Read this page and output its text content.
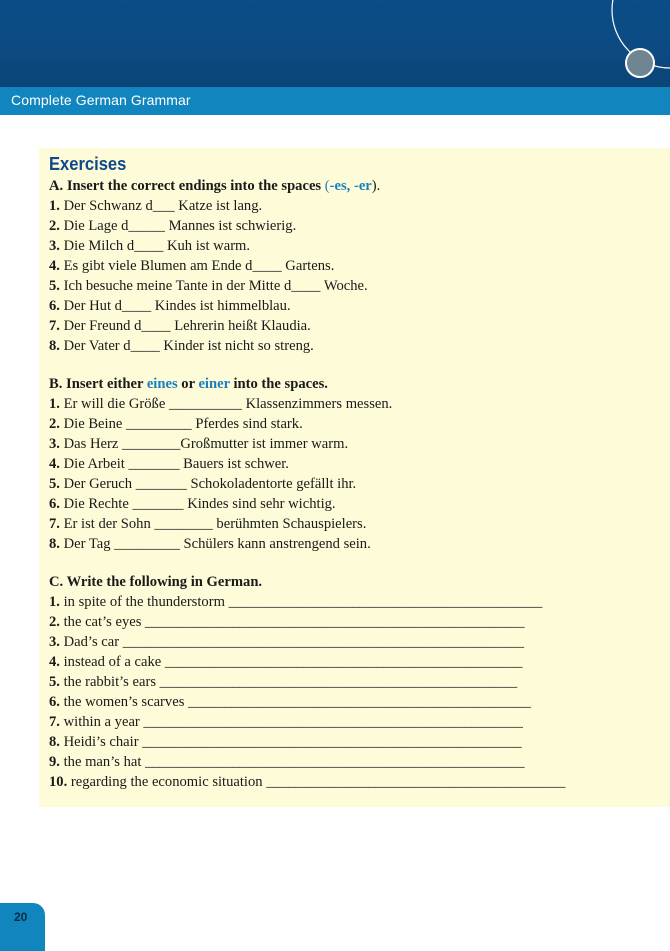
Complete German Grammar
Exercises
A. Insert the correct endings into the spaces (-es, -er).
1. Der Schwanz d___ Katze ist lang.
2. Die Lage d_____ Mannes ist schwierig.
3. Die Milch d____ Kuh ist warm.
4. Es gibt viele Blumen am Ende d____ Gartens.
5. Ich besuche meine Tante in der Mitte d____ Woche.
6. Der Hut d____ Kindes ist himmelblau.
7. Der Freund d____ Lehrerin heißt Klaudia.
8. Der Vater d____ Kinder ist nicht so streng.
B. Insert either eines or einer into the spaces.
1. Er will die Größe __________ Klassenzimmers messen.
2. Die Beine _________ Pferdes sind stark.
3. Das Herz ________Großmutter ist immer warm.
4. Die Arbeit _______ Bauers ist schwer.
5. Der Geruch _______ Schokoladentorte gefällt ihr.
6. Die Rechte _______ Kindes sind sehr wichtig.
7. Er ist der Sohn ________ berühmten Schauspielers.
8. Der Tag _________ Schülers kann anstrengend sein.
C. Write the following in German.
1. in spite of the thunderstorm ___________________________________________
2. the cat’s eyes ____________________________________________________
3. Dad’s car _______________________________________________________
4. instead of a cake _________________________________________________
5. the rabbit’s ears _________________________________________________
6. the women’s scarves _______________________________________________
7. within a year ____________________________________________________
8. Heidi’s chair ____________________________________________________
9. the man’s hat ____________________________________________________
10. regarding the economic situation _________________________________________
20
